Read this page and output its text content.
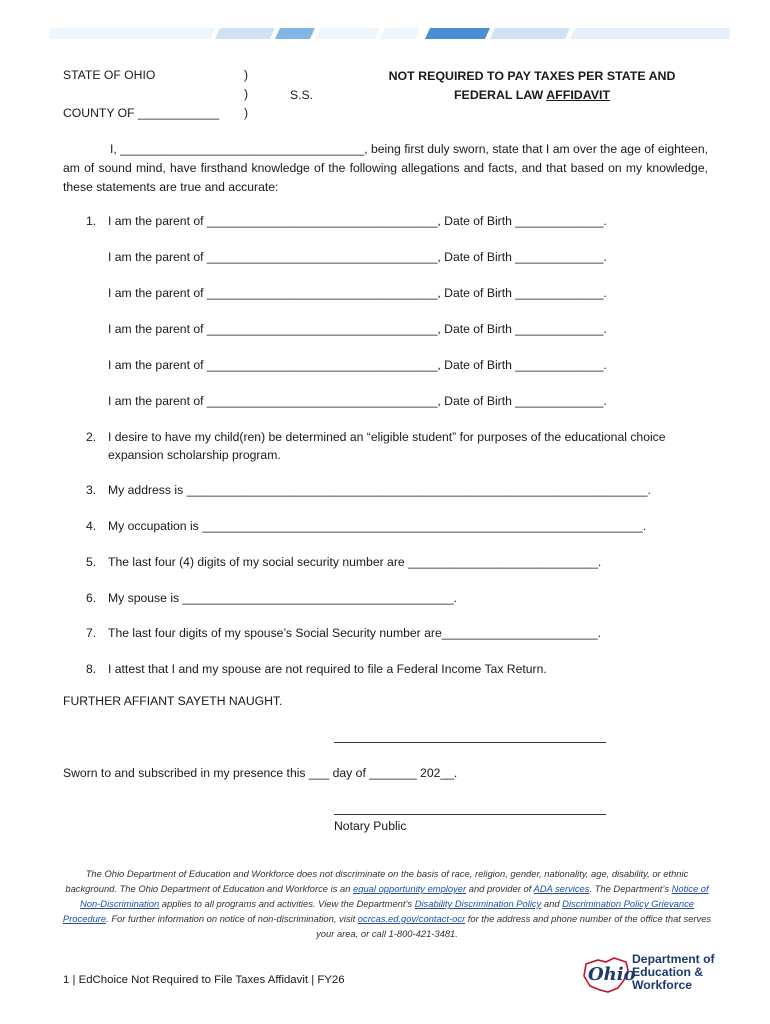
STATE OF OHIO
COUNTY OF ____________
)
)
)
S.S.
NOT REQUIRED TO PAY TAXES PER STATE AND
FEDERAL LAW AFFIDAVIT
I, ____________________________________, being first duly sworn, state that I am over the age of eighteen, am of sound mind, have firsthand knowledge of the following allegations and facts, and that based on my knowledge, these statements are true and accurate:
1. I am the parent of __________________________________, Date of Birth _____________.
I am the parent of __________________________________, Date of Birth _____________.
I am the parent of __________________________________, Date of Birth _____________.
I am the parent of __________________________________, Date of Birth _____________.
I am the parent of __________________________________, Date of Birth _____________.
I am the parent of __________________________________, Date of Birth _____________.
2. I desire to have my child(ren) be determined an “eligible student” for purposes of the educational choice
expansion scholarship program.
3. My address is ____________________________________________________________________.
4. My occupation is _________________________________________________________________.
5. The last four (4) digits of my social security number are ____________________________.
6. My spouse is ________________________________________.
7. The last four digits of my spouse’s Social Security number are_______________________.
8. I attest that I and my spouse are not required to file a Federal Income Tax Return.
FURTHER AFFIANT SAYETH NAUGHT.
Sworn to and subscribed in my presence this ___ day of _______ 202__.
Notary Public
The Ohio Department of Education and Workforce does not discriminate on the basis of race, religion, gender, nationality, age, disability, or ethnic background. The Ohio Department of Education and Workforce is an equal opportunity employer and provider of ADA services. The Department’s Notice of Non-Discrimination applies to all programs and activities. View the Department’s Disability Discrimination Policy and Discrimination Policy Grievance Procedure. For further information on notice of non-discrimination, visit ocrcas.ed.gov/contact-ocr for the address and phone number of the office that serves your area, or call 1-800-421-3481.
1 | EdChoice Not Required to File Taxes Affidavit | FY26	Ohio
Department of
Education &
Workforce
